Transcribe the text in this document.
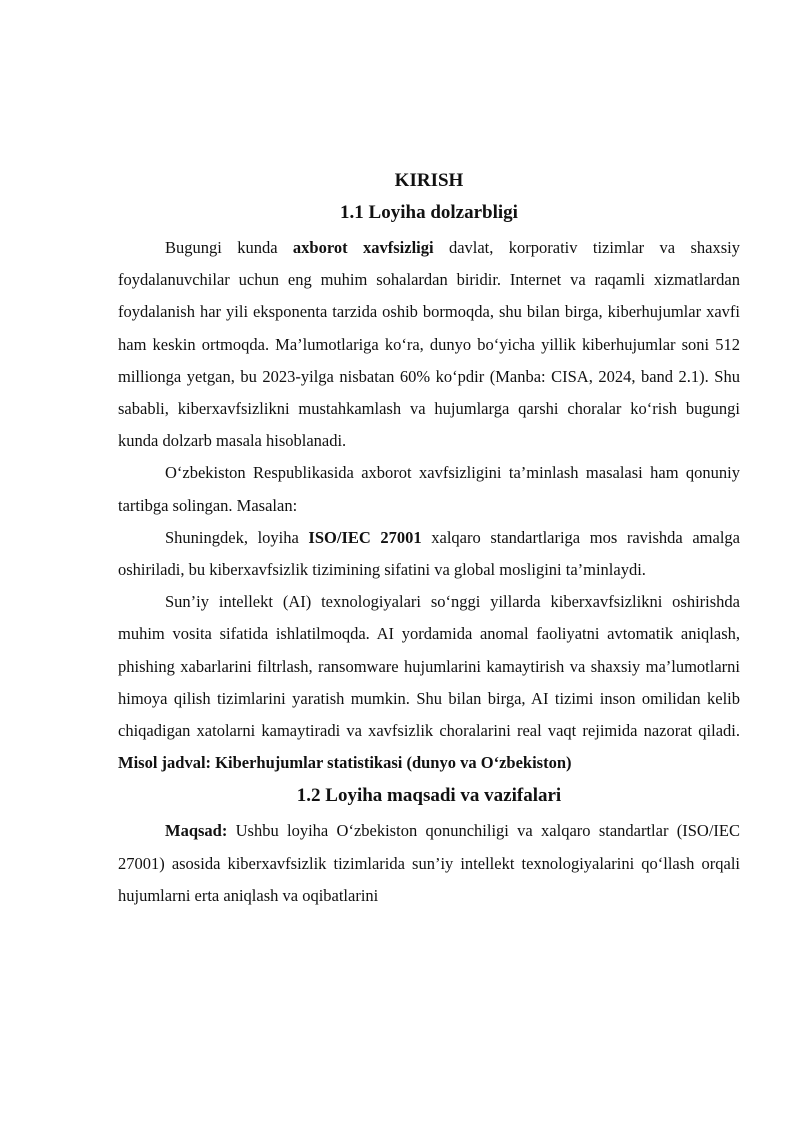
KIRISH
1.1 Loyiha dolzarbligi

Bugungi kunda axborot xavfsizligi davlat, korporativ tizimlar va shaxsiy foydalanuvchilar uchun eng muhim sohalardan biridir. Internet va raqamli xizmatlardan foydalanish har yili eksponenta tarzida oshib bormoqda, shu bilan birga, kiberhujumlar xavfi ham keskin ortmoqda. Ma’lumotlariga ko‘ra, dunyo bo‘yicha yillik kiberhujumlar soni 512 millionga yetgan, bu 2023-yilga nisbatan 60% ko‘pdir (Manba: CISA, 2024, band 2.1). Shu sababli, kiberxavfsizlikni mustahkamlash va hujumlarga qarshi choralar ko‘rish bugungi kunda dolzarb masala hisoblanadi.

O‘zbekiston Respublikasida axborot xavfsizligini ta’minlash masalasi ham qonuniy tartibga solingan. Masalan:

Shuningdek, loyiha ISO/IEC 27001 xalqaro standartlariga mos ravishda amalga oshiriladi, bu kiberxavfsizlik tizimining sifatini va global mosligini ta’minlaydi.

Sun’iy intellekt (AI) texnologiyalari so‘nggi yillarda kiberxavfsizlikni oshirishda muhim vosita sifatida ishlatilmoqda. AI yordamida anomal faoliyatni avtomatik aniqlash, phishing xabarlarini filtrlash, ransomware hujumlarini kamaytirish va shaxsiy ma’lumotlarni himoya qilish tizimlarini yaratish mumkin. Shu bilan birga, AI tizimi inson omilidan kelib chiqadigan xatolarni kamaytiradi va xavfsizlik choralarini real vaqt rejimida nazorat qiladi. Misol jadval: Kiberhujumlar statistikasi (dunyo va O‘zbekiston)

1.2 Loyiha maqsadi va vazifalari

Maqsad: Ushbu loyiha O‘zbekiston qonunchiligi va xalqaro standartlar (ISO/IEC 27001) asosida kiberxavfsizlik tizimlarida sun’iy intellekt texnologiyalarini qo‘llash orqali hujumlarni erta aniqlash va oqibatlarini
